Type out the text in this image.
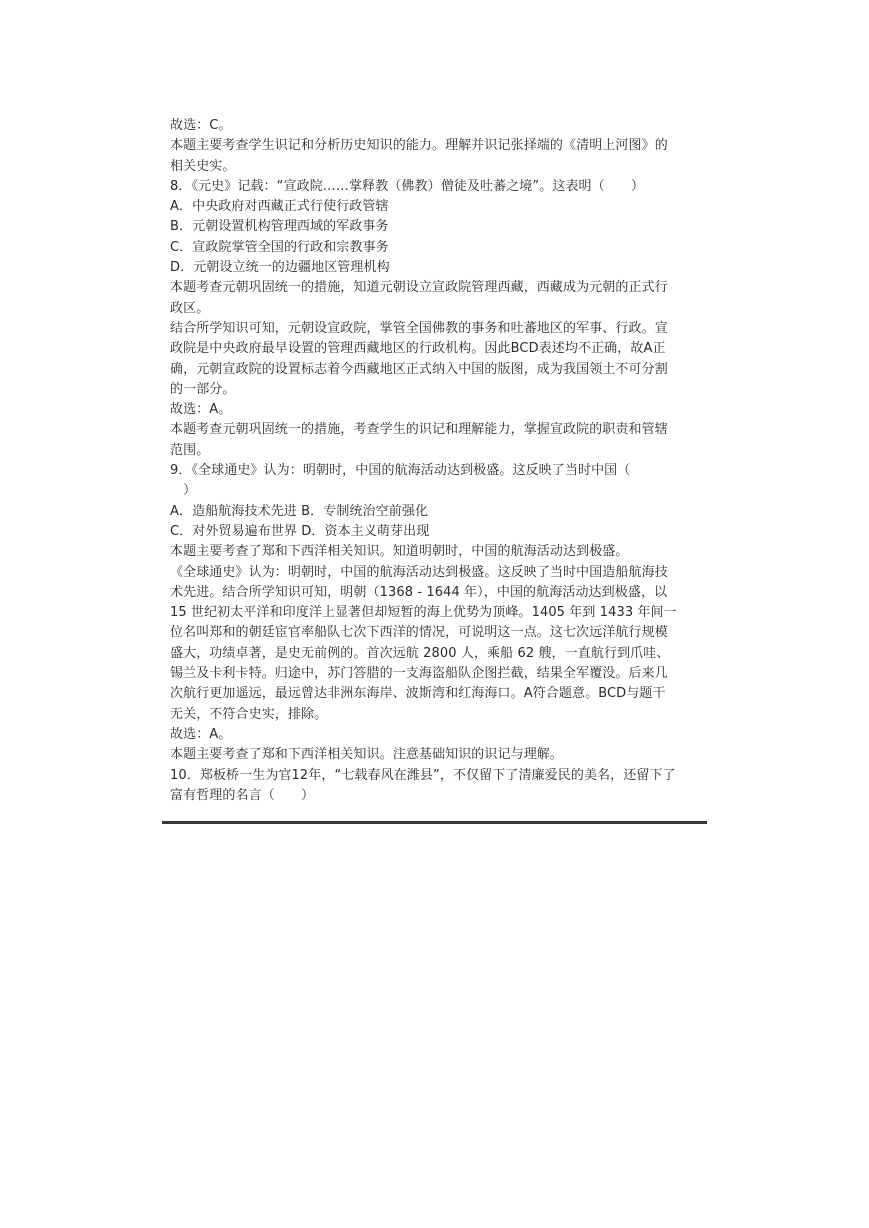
故选：C。
本题主要考查学生识记和分析历史知识的能力。理解并识记张择端的《清明上河图》的
相关史实。
8．《元史》记载：“宣政院……掌释教（佛教）僧徒及吐蕃之境”。这表明（　　）
A．中央政府对西藏正式行使行政管辖
B．元朝设置机构管理西域的军政事务
C．宣政院掌管全国的行政和宗教事务
D．元朝设立统一的边疆地区管理机构
本题考查元朝巩固统一的措施，知道元朝设立宣政院管理西藏，西藏成为元朝的正式行
政区。
结合所学知识可知，元朝设宣政院，掌管全国佛教的事务和吐蕃地区的军事、行政。宣
政院是中央政府最早设置的管理西藏地区的行政机构。因此BCD表述均不正确，故A正
确，元朝宣政院的设置标志着今西藏地区正式纳入中国的版图，成为我国领土不可分割
的一部分。
故选：A。
本题考查元朝巩固统一的措施，考查学生的识记和理解能力，掌握宣政院的职责和管辖
范围。
9．《全球通史》认为：明朝时，中国的航海活动达到极盛。这反映了当时中国（
　）
A．造船航海技术先进 B．专制统治空前强化
C．对外贸易遍布世界 D．资本主义萌芽出现
本题主要考查了郑和下西洋相关知识。知道明朝时，中国的航海活动达到极盛。
《全球通史》认为：明朝时，中国的航海活动达到极盛。这反映了当时中国造船航海技
术先进。结合所学知识可知，明朝（1368 - 1644 年），中国的航海活动达到极盛，以
15 世纪初太平洋和印度洋上显著但却短暂的海上优势为顶峰。1405 年到 1433 年间一
位名叫郑和的朝廷宦官率船队七次下西洋的情况，可说明这一点。这七次远洋航行规模
盛大，功绩卓著，是史无前例的。首次远航 2800 人，乘船 62 艘，一直航行到爪哇、
锡兰及卡利卡特。归途中，苏门答腊的一支海盗船队企图拦截，结果全军覆没。后来几
次航行更加遥远，最远曾达非洲东海岸、波斯湾和红海海口。A符合题意。BCD与题干
无关，不符合史实，排除。
故选：A。
本题主要考查了郑和下西洋相关知识。注意基础知识的识记与理解。
10．郑板桥一生为官12年，“七载春风在潍县”，不仅留下了清廉爱民的美名，还留下了
富有哲理的名言（　　）
